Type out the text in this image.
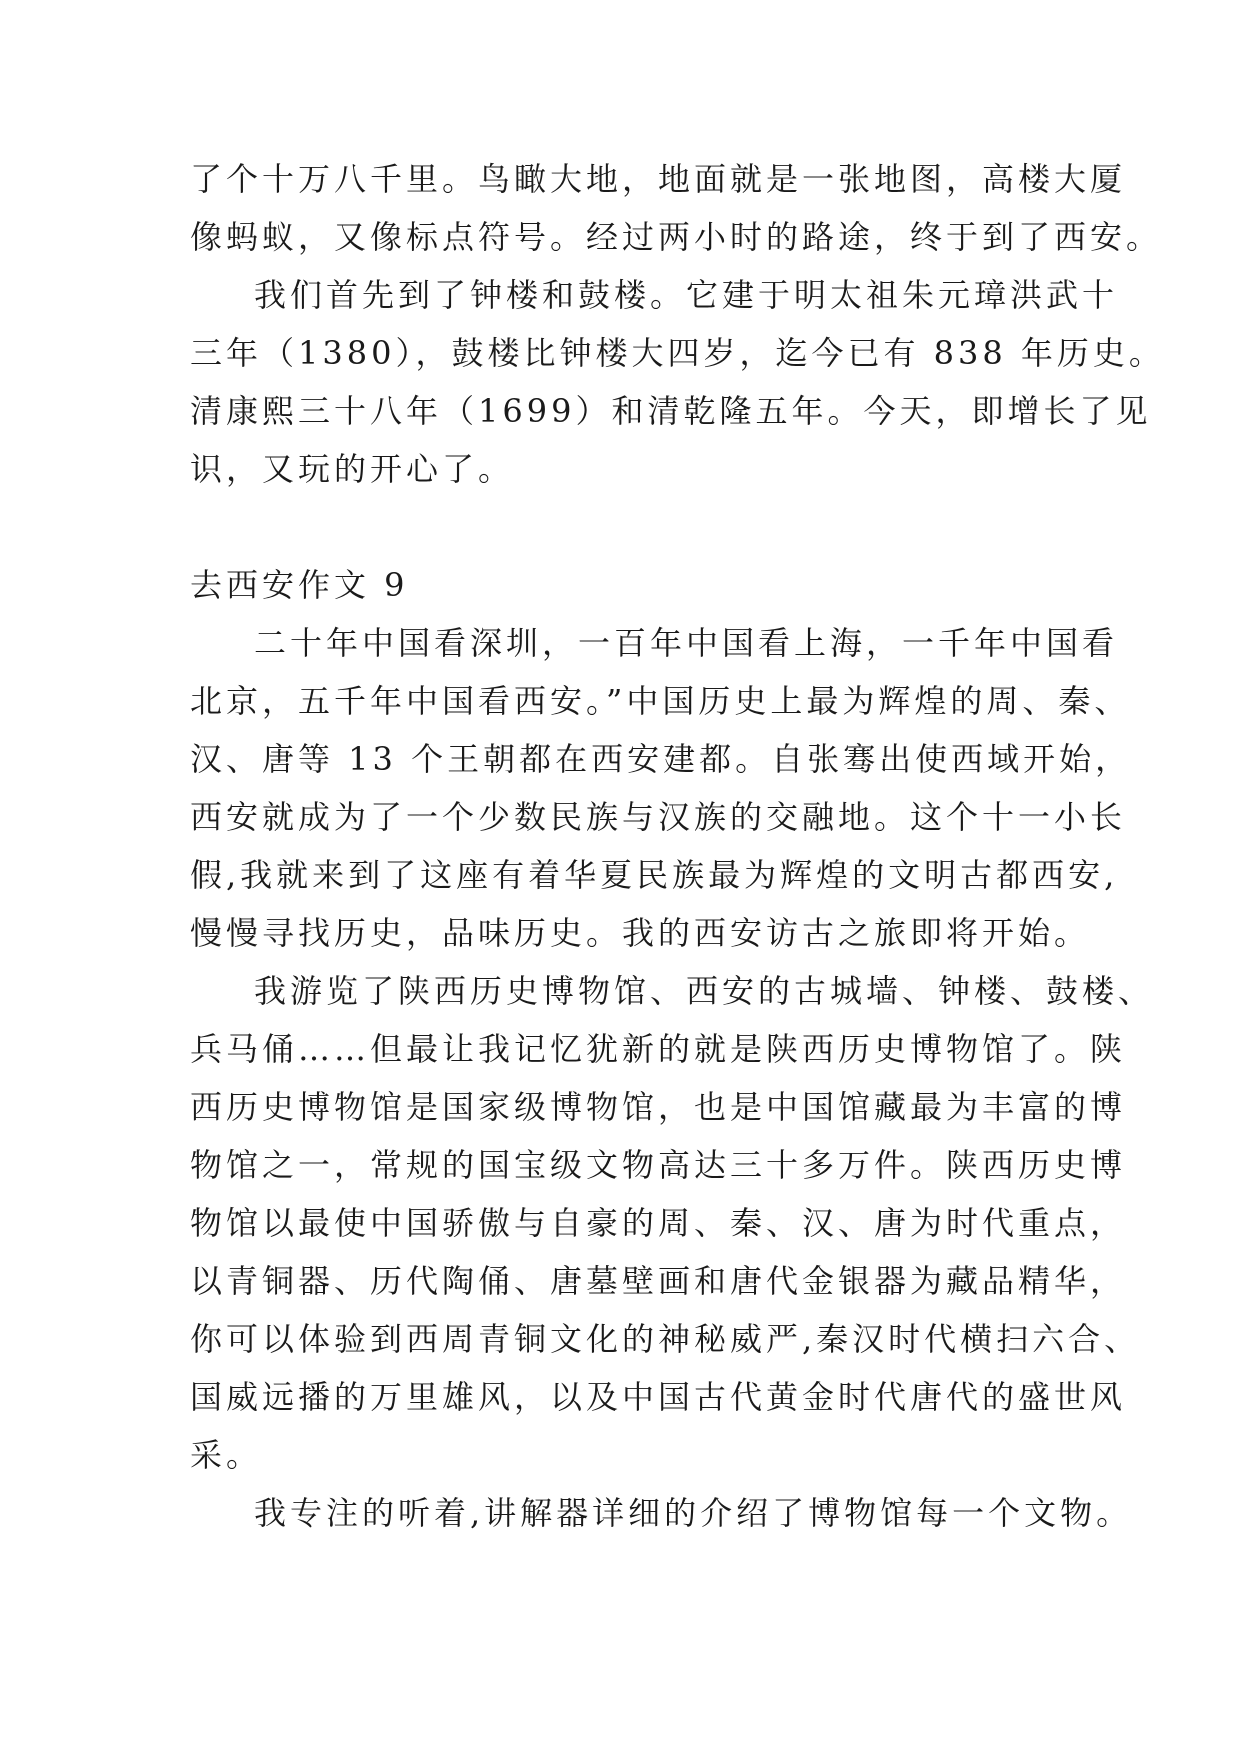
了个十万八千里。鸟瞰大地，地面就是一张地图，高楼大厦
像蚂蚁，又像标点符号。经过两小时的路途，终于到了西安。
我们首先到了钟楼和鼓楼。它建于明太祖朱元璋洪武十
三年（1380），鼓楼比钟楼大四岁，迄今已有 838 年历史。
清康熙三十八年（1699）和清乾隆五年。今天，即增长了见
识，又玩的开心了。
去西安作文 9
二十年中国看深圳，一百年中国看上海，一千年中国看
北京，五千年中国看西安。”中国历史上最为辉煌的周、秦、
汉、唐等 13 个王朝都在西安建都。自张骞出使西域开始，
西安就成为了一个少数民族与汉族的交融地。这个十一小长
假,我就来到了这座有着华夏民族最为辉煌的文明古都西安,
慢慢寻找历史，品味历史。我的西安访古之旅即将开始。
我游览了陕西历史博物馆、西安的古城墙、钟楼、鼓楼、
兵马俑……但最让我记忆犹新的就是陕西历史博物馆了。陕
西历史博物馆是国家级博物馆，也是中国馆藏最为丰富的博
物馆之一，常规的国宝级文物高达三十多万件。陕西历史博
物馆以最使中国骄傲与自豪的周、秦、汉、唐为时代重点，
以青铜器、历代陶俑、唐墓壁画和唐代金银器为藏品精华，
你可以体验到西周青铜文化的神秘威严,秦汉时代横扫六合、
国威远播的万里雄风，以及中国古代黄金时代唐代的盛世风
采。
我专注的听着,讲解器详细的介绍了博物馆每一个文物。
